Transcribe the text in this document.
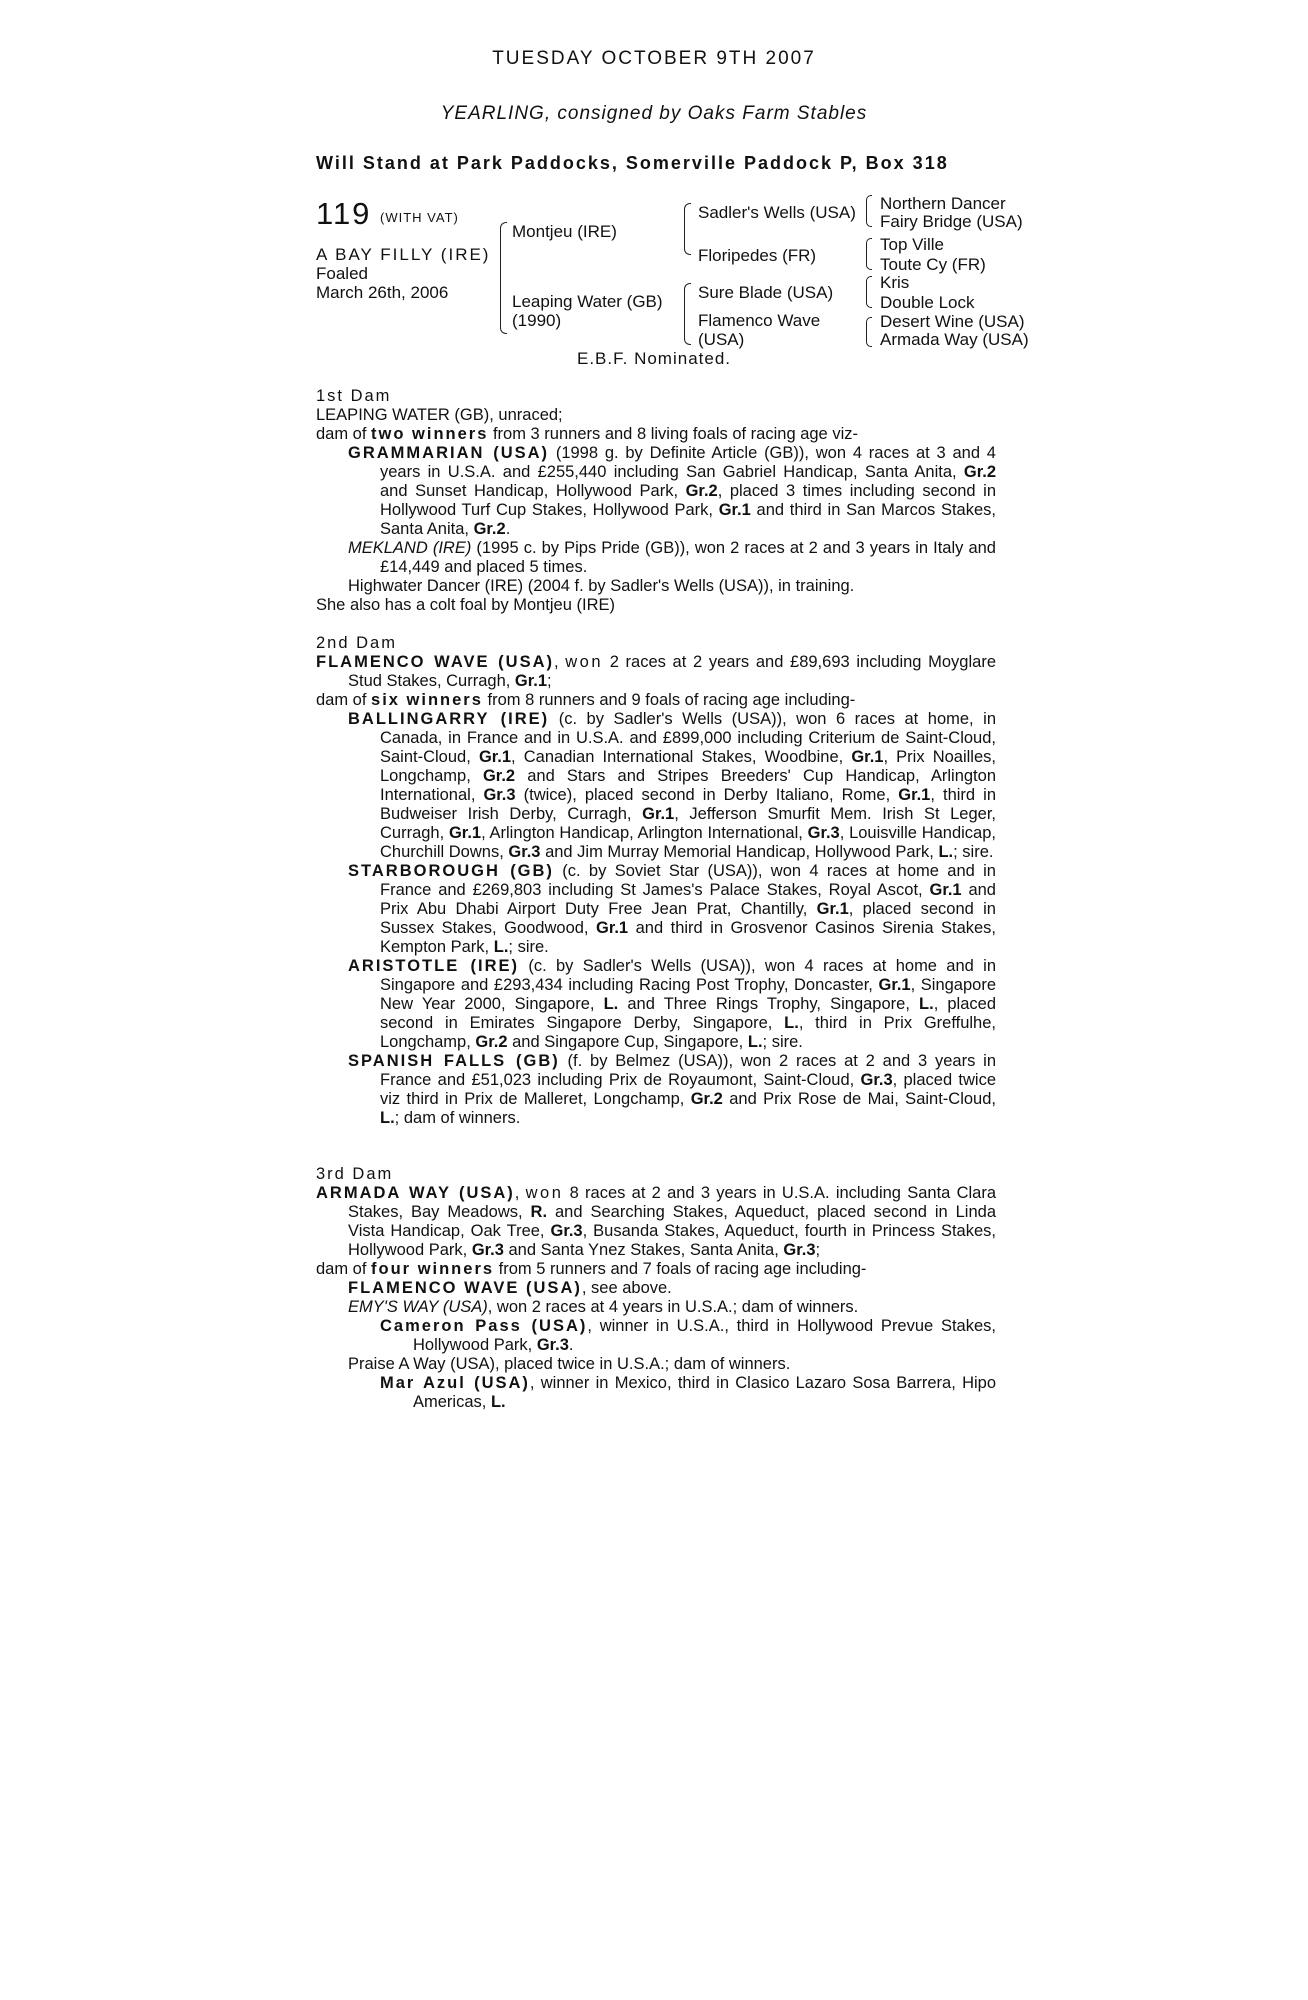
TUESDAY OCTOBER 9TH 2007
YEARLING, consigned by Oaks Farm Stables
Will Stand at Park Paddocks, Somerville Paddock P, Box 318
119 (WITH VAT)
A BAY FILLY (IRE)
Foaled
March 26th, 2006
Montjeu (IRE)
Leaping Water (GB)
(1990)
Sadler's Wells (USA)
Floripedes (FR)
Sure Blade (USA)
Flamenco Wave
(USA)
Northern Dancer
Fairy Bridge (USA)
Top Ville
Toute Cy (FR)
Kris
Double Lock
Desert Wine (USA)
Armada Way (USA)
E.B.F. Nominated.

1st Dam

LEAPING WATER (GB), unraced;

dam of two winners from 3 runners and 8 living foals of racing age viz-

GRAMMARIAN (USA) (1998 g. by Definite Article (GB)), won 4 races at 3 and 4 years in U.S.A. and £255,440 including San Gabriel Handicap, Santa Anita, Gr.2 and Sunset Handicap, Hollywood Park, Gr.2, placed 3 times including second in Hollywood Turf Cup Stakes, Hollywood Park, Gr.1 and third in San Marcos Stakes, Santa Anita, Gr.2.

MEKLAND (IRE) (1995 c. by Pips Pride (GB)), won 2 races at 2 and 3 years in Italy and £14,449 and placed 5 times.

Highwater Dancer (IRE) (2004 f. by Sadler's Wells (USA)), in training.

She also has a colt foal by Montjeu (IRE)

2nd Dam

FLAMENCO WAVE (USA), won 2 races at 2 years and £89,693 including Moyglare Stud Stakes, Curragh, Gr.1;

dam of six winners from 8 runners and 9 foals of racing age including-

BALLINGARRY (IRE) (c. by Sadler's Wells (USA)), won 6 races at home, in Canada, in France and in U.S.A. and £899,000 including Criterium de Saint-Cloud, Saint-Cloud, Gr.1, Canadian International Stakes, Woodbine, Gr.1, Prix Noailles, Longchamp, Gr.2 and Stars and Stripes Breeders' Cup Handicap, Arlington International, Gr.3 (twice), placed second in Derby Italiano, Rome, Gr.1, third in Budweiser Irish Derby, Curragh, Gr.1, Jefferson Smurfit Mem. Irish St Leger, Curragh, Gr.1, Arlington Handicap, Arlington International, Gr.3, Louisville Handicap, Churchill Downs, Gr.3 and Jim Murray Memorial Handicap, Hollywood Park, L.; sire.

STARBOROUGH (GB) (c. by Soviet Star (USA)), won 4 races at home and in France and £269,803 including St James's Palace Stakes, Royal Ascot, Gr.1 and Prix Abu Dhabi Airport Duty Free Jean Prat, Chantilly, Gr.1, placed second in Sussex Stakes, Goodwood, Gr.1 and third in Grosvenor Casinos Sirenia Stakes, Kempton Park, L.; sire.

ARISTOTLE (IRE) (c. by Sadler's Wells (USA)), won 4 races at home and in Singapore and £293,434 including Racing Post Trophy, Doncaster, Gr.1, Singapore New Year 2000, Singapore, L. and Three Rings Trophy, Singapore, L., placed second in Emirates Singapore Derby, Singapore, L., third in Prix Greffulhe, Longchamp, Gr.2 and Singapore Cup, Singapore, L.; sire.

SPANISH FALLS (GB) (f. by Belmez (USA)), won 2 races at 2 and 3 years in France and £51,023 including Prix de Royaumont, Saint-Cloud, Gr.3, placed twice viz third in Prix de Malleret, Longchamp, Gr.2 and Prix Rose de Mai, Saint-Cloud, L.; dam of winners.

3rd Dam

ARMADA WAY (USA), won 8 races at 2 and 3 years in U.S.A. including Santa Clara Stakes, Bay Meadows, R. and Searching Stakes, Aqueduct, placed second in Linda Vista Handicap, Oak Tree, Gr.3, Busanda Stakes, Aqueduct, fourth in Princess Stakes, Hollywood Park, Gr.3 and Santa Ynez Stakes, Santa Anita, Gr.3;

dam of four winners from 5 runners and 7 foals of racing age including-

FLAMENCO WAVE (USA), see above.

EMY'S WAY (USA), won 2 races at 4 years in U.S.A.; dam of winners.

Cameron Pass (USA), winner in U.S.A., third in Hollywood Prevue Stakes, Hollywood Park, Gr.3.

Praise A Way (USA), placed twice in U.S.A.; dam of winners.

Mar Azul (USA), winner in Mexico, third in Clasico Lazaro Sosa Barrera, Hipo Americas, L.
